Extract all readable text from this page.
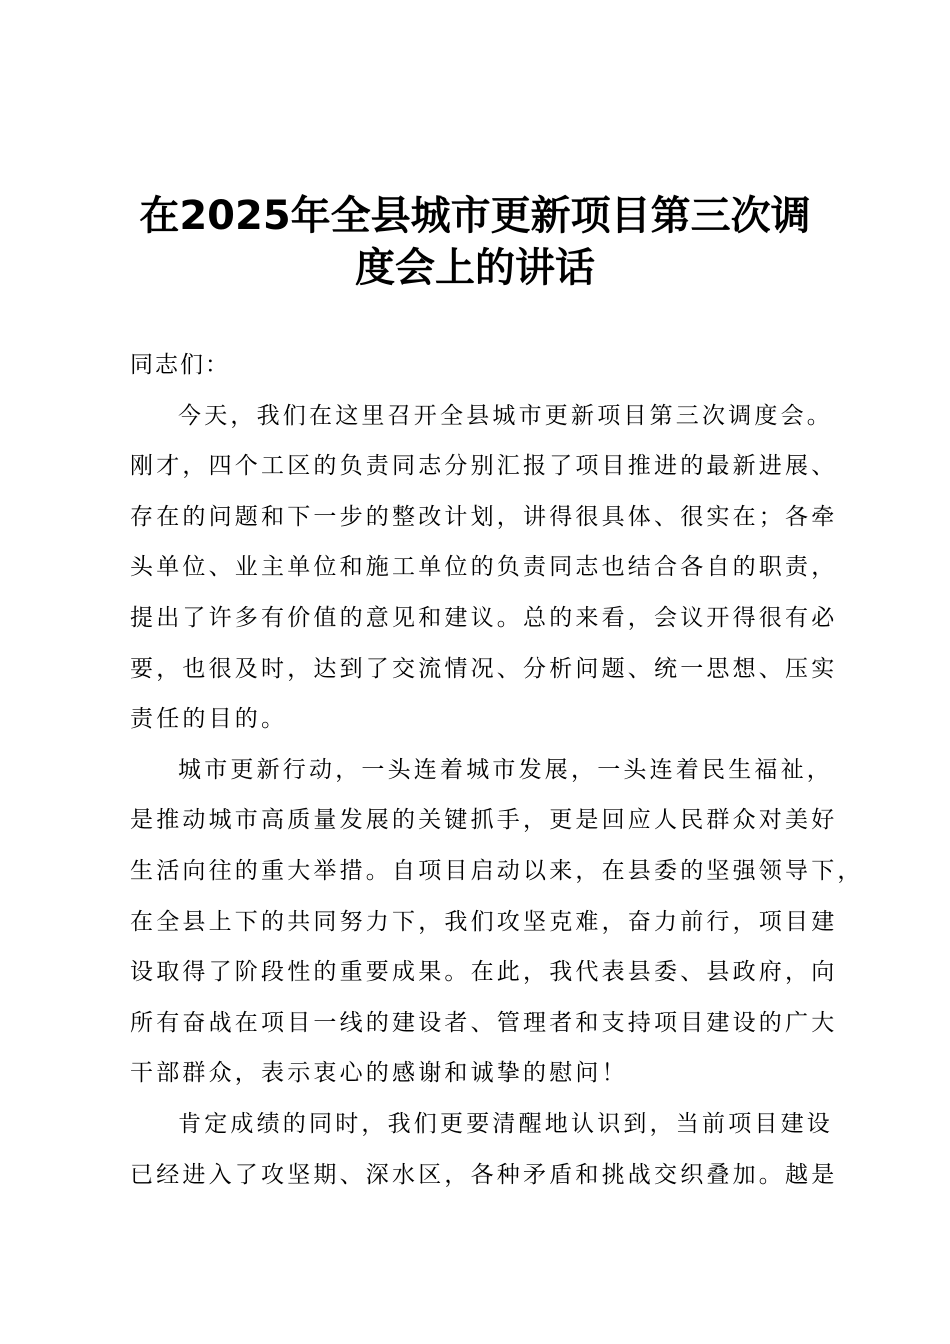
在2025年全县城市更新项目第三次调
度会上的讲话
同志们：
今天，我们在这里召开全县城市更新项目第三次调度会。
刚才，四个工区的负责同志分别汇报了项目推进的最新进展、
存在的问题和下一步的整改计划，讲得很具体、很实在；各牵
头单位、业主单位和施工单位的负责同志也结合各自的职责，
提出了许多有价值的意见和建议。总的来看，会议开得很有必
要，也很及时，达到了交流情况、分析问题、统一思想、压实
责任的目的。
城市更新行动，一头连着城市发展，一头连着民生福祉，
是推动城市高质量发展的关键抓手，更是回应人民群众对美好
生活向往的重大举措。自项目启动以来，在县委的坚强领导下，
在全县上下的共同努力下，我们攻坚克难，奋力前行，项目建
设取得了阶段性的重要成果。在此，我代表县委、县政府，向
所有奋战在项目一线的建设者、管理者和支持项目建设的广大
干部群众，表示衷心的感谢和诚挚的慰问！
肯定成绩的同时，我们更要清醒地认识到，当前项目建设
已经进入了攻坚期、深水区，各种矛盾和挑战交织叠加。越是
